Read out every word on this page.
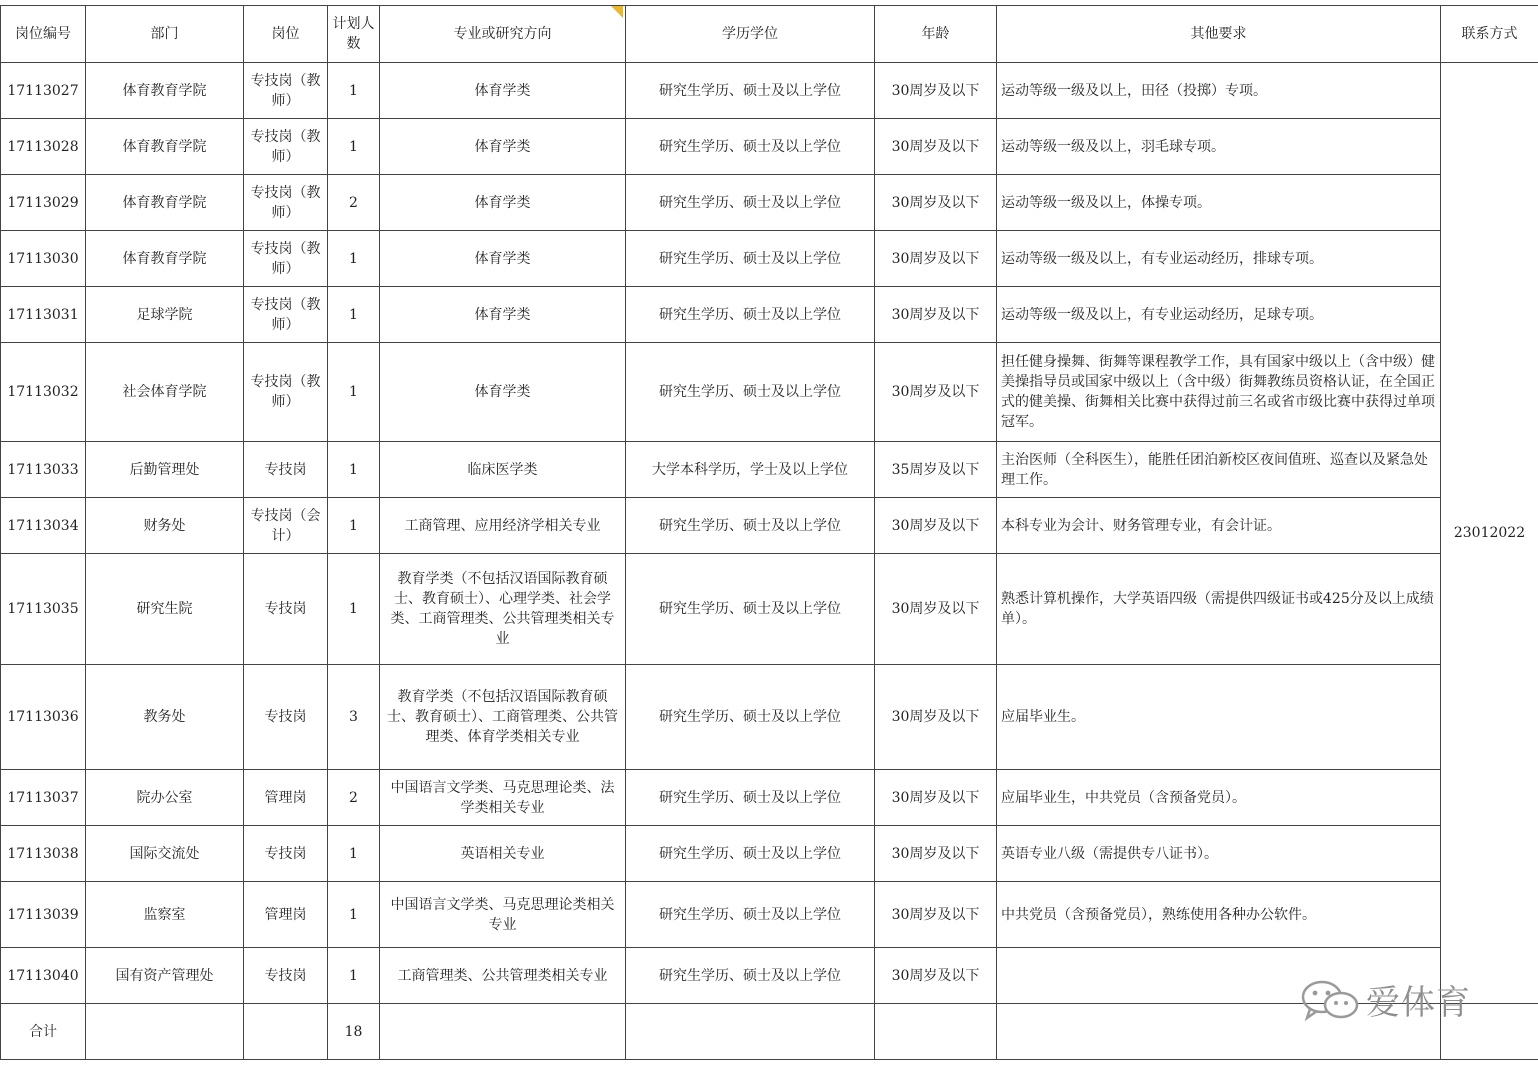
岗位编号	部门	岗位	计划人数	专业或研究方向	学历学位	年龄	其他要求	联系方式
17113027	体育教育学院	专技岗（教师）	1	体育学类	研究生学历、硕士及以上学位	30周岁及以下	运动等级一级及以上，田径（投掷）专项。	23012022
17113028	体育教育学院	专技岗（教师）	1	体育学类	研究生学历、硕士及以上学位	30周岁及以下	运动等级一级及以上，羽毛球专项。	
17113029	体育教育学院	专技岗（教师）	2	体育学类	研究生学历、硕士及以上学位	30周岁及以下	运动等级一级及以上，体操专项。	
17113030	体育教育学院	专技岗（教师）	1	体育学类	研究生学历、硕士及以上学位	30周岁及以下	运动等级一级及以上，有专业运动经历，排球专项。	
17113031	足球学院	专技岗（教师）	1	体育学类	研究生学历、硕士及以上学位	30周岁及以下	运动等级一级及以上，有专业运动经历，足球专项。	
17113032	社会体育学院	专技岗（教师）	1	体育学类	研究生学历、硕士及以上学位	30周岁及以下	担任健身操舞、街舞等课程教学工作，具有国家中级以上（含中级）健美操指导员或国家中级以上（含中级）街舞教练员资格认证，在全国正式的健美操、街舞相关比赛中获得过前三名或省市级比赛中获得过单项冠军。	
17113033	后勤管理处	专技岗	1	临床医学类	大学本科学历，学士及以上学位	35周岁及以下	主治医师（全科医生），能胜任团泊新校区夜间值班、巡查以及紧急处理工作。	
17113034	财务处	专技岗（会计）	1	工商管理、应用经济学相关专业	研究生学历、硕士及以上学位	30周岁及以下	本科专业为会计、财务管理专业，有会计证。	
17113035	研究生院	专技岗	1	教育学类（不包括汉语国际教育硕士、教育硕士）、心理学类、社会学类、工商管理类、公共管理类相关专业	研究生学历、硕士及以上学位	30周岁及以下	熟悉计算机操作，大学英语四级（需提供四级证书或425分及以上成绩单）。	
17113036	教务处	专技岗	3	教育学类（不包括汉语国际教育硕士、教育硕士）、工商管理类、公共管理类、体育学类相关专业	研究生学历、硕士及以上学位	30周岁及以下	应届毕业生。	
17113037	院办公室	管理岗	2	中国语言文学类、马克思理论类、法学类相关专业	研究生学历、硕士及以上学位	30周岁及以下	应届毕业生，中共党员（含预备党员）。	
17113038	国际交流处	专技岗	1	英语相关专业	研究生学历、硕士及以上学位	30周岁及以下	英语专业八级（需提供专八证书）。	
17113039	监察室	管理岗	1	中国语言文学类、马克思理论类相关专业	研究生学历、硕士及以上学位	30周岁及以下	中共党员（含预备党员），熟练使用各种办公软件。	
17113040	国有资产管理处	专技岗	1	工商管理类、公共管理类相关专业	研究生学历、硕士及以上学位	30周岁及以下		
合计			18					
爱体育
